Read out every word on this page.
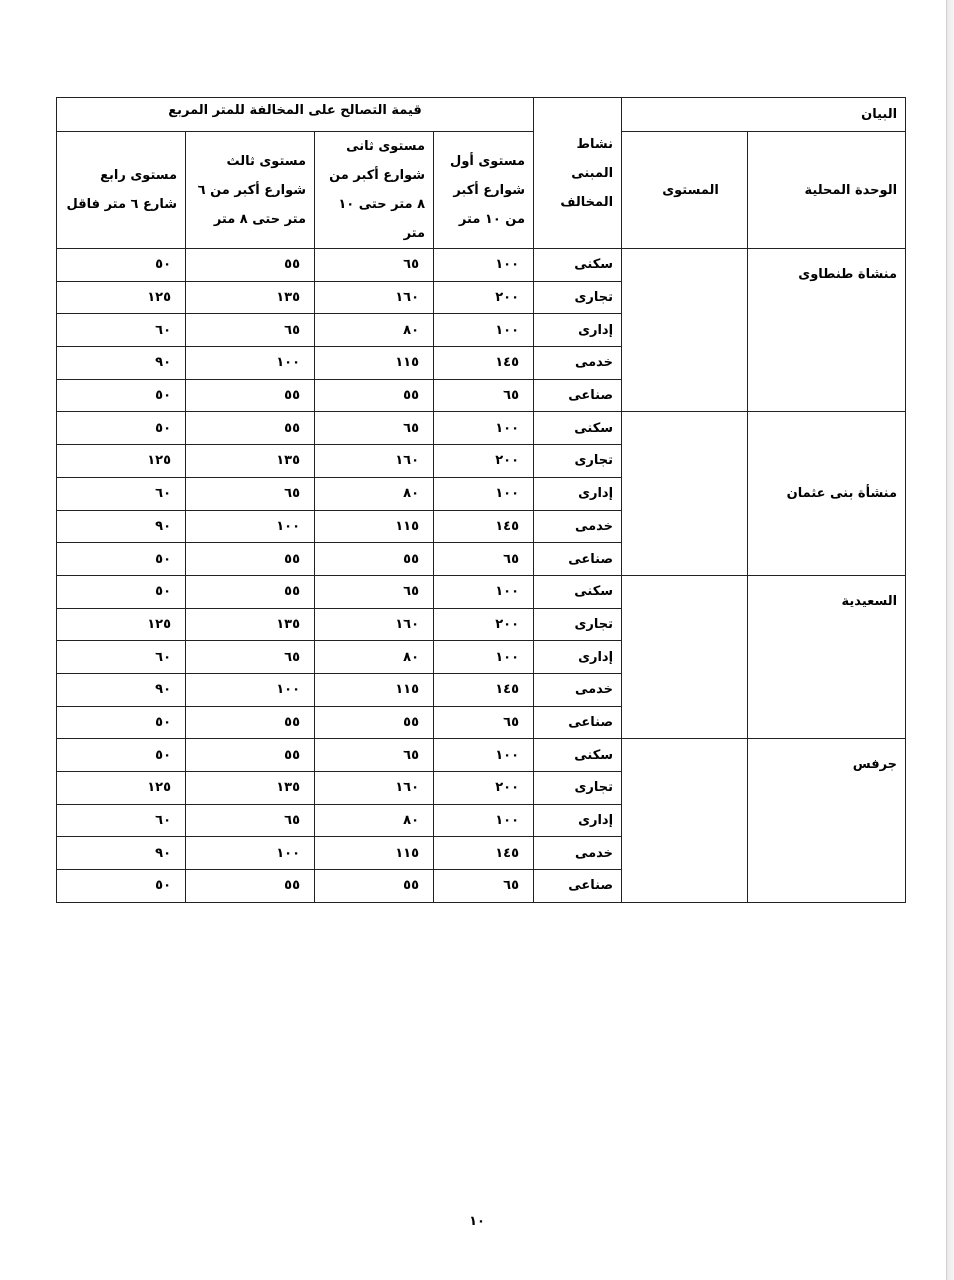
البيان		نشاط المبنى المخالف	قيمة التصالح على المخالفة للمتر المربع			
الوحدة المحلية	المستوى		مستوى أول شوارع أكبر من ١٠ متر	مستوى ثانى شوارع أكبر من ٨ متر حتى ١٠ متر	مستوى ثالث شوارع أكبر من ٦ متر حتى ٨ متر	مستوى رابع شارع ٦ متر فاقل
منشاة طنطاوى		سكنى	١٠٠	٦٥	٥٥	٥٠
		تجارى	٢٠٠	١٦٠	١٣٥	١٢٥
		إدارى	١٠٠	٨٠	٦٥	٦٠
		خدمى	١٤٥	١١٥	١٠٠	٩٠
		صناعى	٦٥	٥٥	٥٥	٥٠
منشأة بنى عثمان		سكنى	١٠٠	٦٥	٥٥	٥٠
		تجارى	٢٠٠	١٦٠	١٣٥	١٢٥
		إدارى	١٠٠	٨٠	٦٥	٦٠
		خدمى	١٤٥	١١٥	١٠٠	٩٠
		صناعى	٦٥	٥٥	٥٥	٥٠
السعيدية		سكنى	١٠٠	٦٥	٥٥	٥٠
		تجارى	٢٠٠	١٦٠	١٣٥	١٢٥
		إدارى	١٠٠	٨٠	٦٥	٦٠
		خدمى	١٤٥	١١٥	١٠٠	٩٠
		صناعى	٦٥	٥٥	٥٥	٥٠
جرفس		سكنى	١٠٠	٦٥	٥٥	٥٠
		تجارى	٢٠٠	١٦٠	١٣٥	١٢٥
		إدارى	١٠٠	٨٠	٦٥	٦٠
		خدمى	١٤٥	١١٥	١٠٠	٩٠
		صناعى	٦٥	٥٥	٥٥	٥٠
١٠
